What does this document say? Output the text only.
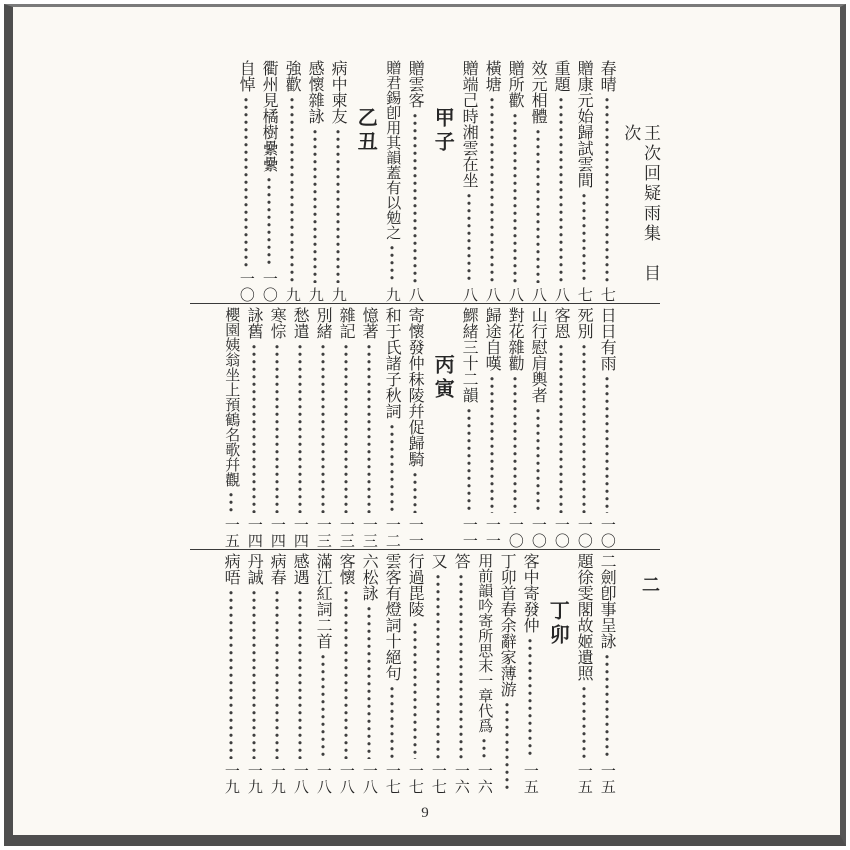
王次回疑雨集　目次
春晴
七
贈康元始歸試雲間
七
重題
八
效元相體
八
贈所歡
八
橫塘
八
贈端己時湘雲在坐
八
甲子
贈雲客
八
贈君錫卽用其韻蓋有以勉之
九
乙丑
病中柬友
九
感懷雜詠
九
強歡
九
衢州見橘樹纍纍
一〇
自悼
一〇
日日有雨
一〇
死別
一〇
客恩
一〇
山行慰肩輿者
一〇
對花雜勸
一〇
歸途自嘆
一一
鰥緒三十二韻
一一
丙寅
寄懷發仲秣陵幷促歸騎
一一
和于氏諸子秋詞
一二
憶著
一三
雜記
一三
別緒
一三
愁遣
一四
寒悰
一四
詠舊
一四
櫻園姨翁坐上預鶴名歌幷觀
一五
二
二劍卽事呈詠
一五
題徐雯閣故姬遺照
一五
丁卯
客中寄發仲
一五
丁卯首春余辭家薄游
用前韻吟寄所思末一章代爲
一六
答
一六
又
一七
行過毘陵
一七
雲客有燈詞十絕句
一七
六松詠
一八
客懷
一八
滿江紅詞二首
一八
感遇
一八
病春
一九
丹誠
一九
病唔
一九
9
